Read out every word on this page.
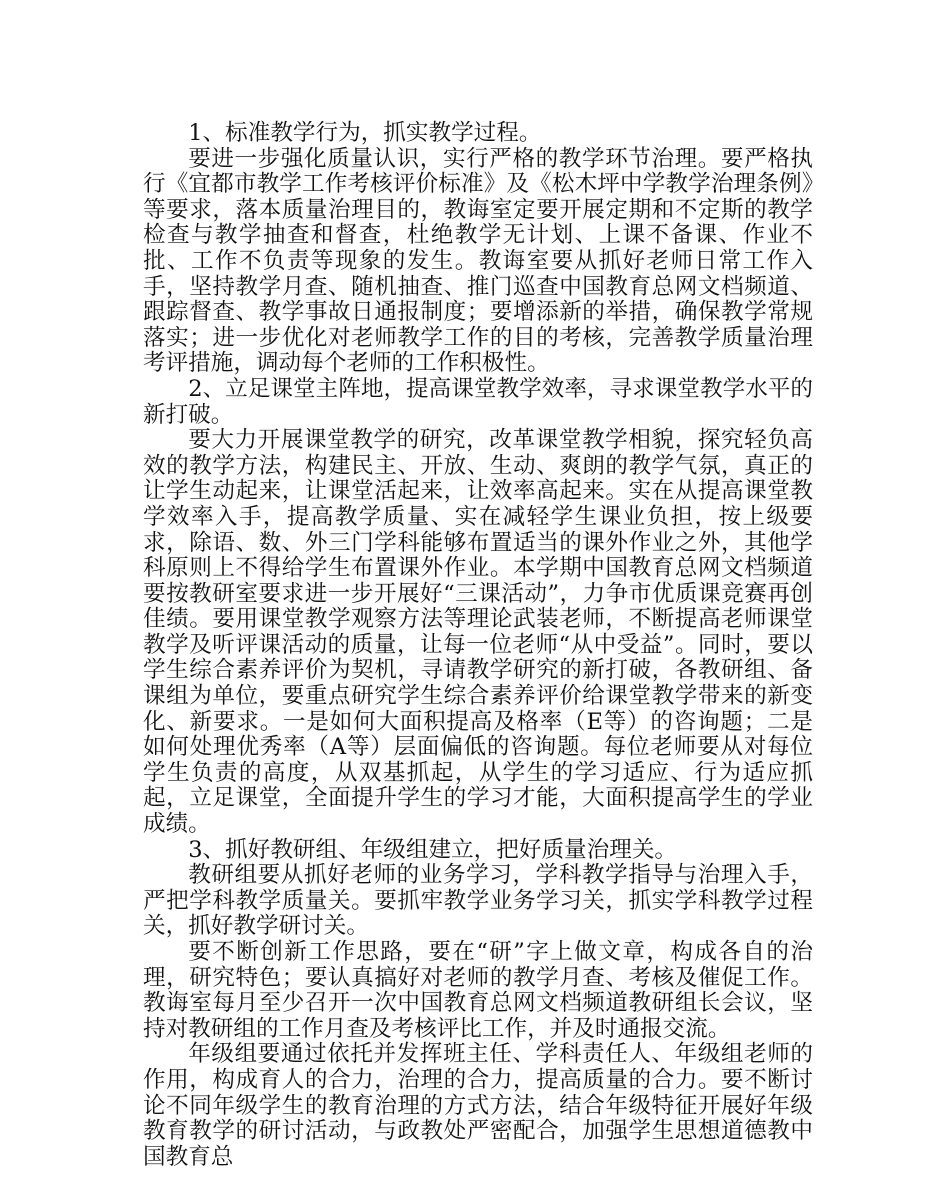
1、标准教学行为，抓实教学过程。

要进一步强化质量认识，实行严格的教学环节治理。要严格执行《宜都市教学工作考核评价标准》及《松木坪中学教学治理条例》等要求，落本质量治理目的，教诲室定要开展定期和不定斯的教学检查与教学抽查和督查，杜绝教学无计划、上课不备课、作业不批、工作不负责等现象的发生。教诲室要从抓好老师日常工作入手，坚持教学月查、随机抽查、推门巡查中国教育总网文档频道、跟踪督查、教学事故日通报制度；要增添新的举措，确保教学常规落实；进一步优化对老师教学工作的目的考核，完善教学质量治理考评措施，调动每个老师的工作积极性。

2、立足课堂主阵地，提高课堂教学效率，寻求课堂教学水平的新打破。

要大力开展课堂教学的研究，改革课堂教学相貌，探究轻负高效的教学方法，构建民主、开放、生动、爽朗的教学气氛，真正的让学生动起来，让课堂活起来，让效率高起来。实在从提高课堂教学效率入手，提高教学质量、实在减轻学生课业负担，按上级要求，除语、数、外三门学科能够布置适当的课外作业之外，其他学科原则上不得给学生布置课外作业。本学期中国教育总网文档频道要按教研室要求进一步开展好“三课活动”，力争市优质课竞赛再创佳绩。要用课堂教学观察方法等理论武装老师，不断提高老师课堂教学及听评课活动的质量，让每一位老师“从中受益”。同时，要以学生综合素养评价为契机，寻请教学研究的新打破，各教研组、备课组为单位，要重点研究学生综合素养评价给课堂教学带来的新变化、新要求。一是如何大面积提高及格率（E等）的咨询题；二是如何处理优秀率（A等）层面偏低的咨询题。每位老师要从对每位学生负责的高度，从双基抓起，从学生的学习适应、行为适应抓起，立足课堂，全面提升学生的学习才能，大面积提高学生的学业成绩。

3、抓好教研组、年级组建立，把好质量治理关。

教研组要从抓好老师的业务学习，学科教学指导与治理入手，严把学科教学质量关。要抓牢教学业务学习关，抓实学科教学过程关，抓好教学研讨关。

要不断创新工作思路，要在“研”字上做文章，构成各自的治理，研究特色；要认真搞好对老师的教学月查、考核及催促工作。教诲室每月至少召开一次中国教育总网文档频道教研组长会议，坚持对教研组的工作月查及考核评比工作，并及时通报交流。

年级组要通过依托并发挥班主任、学科责任人、年级组老师的作用，构成育人的合力，治理的合力，提高质量的合力。要不断讨论不同年级学生的教育治理的方式方法，结合年级特征开展好年级教育教学的研讨活动，与政教处严密配合，加强学生思想道德教中国教育总
